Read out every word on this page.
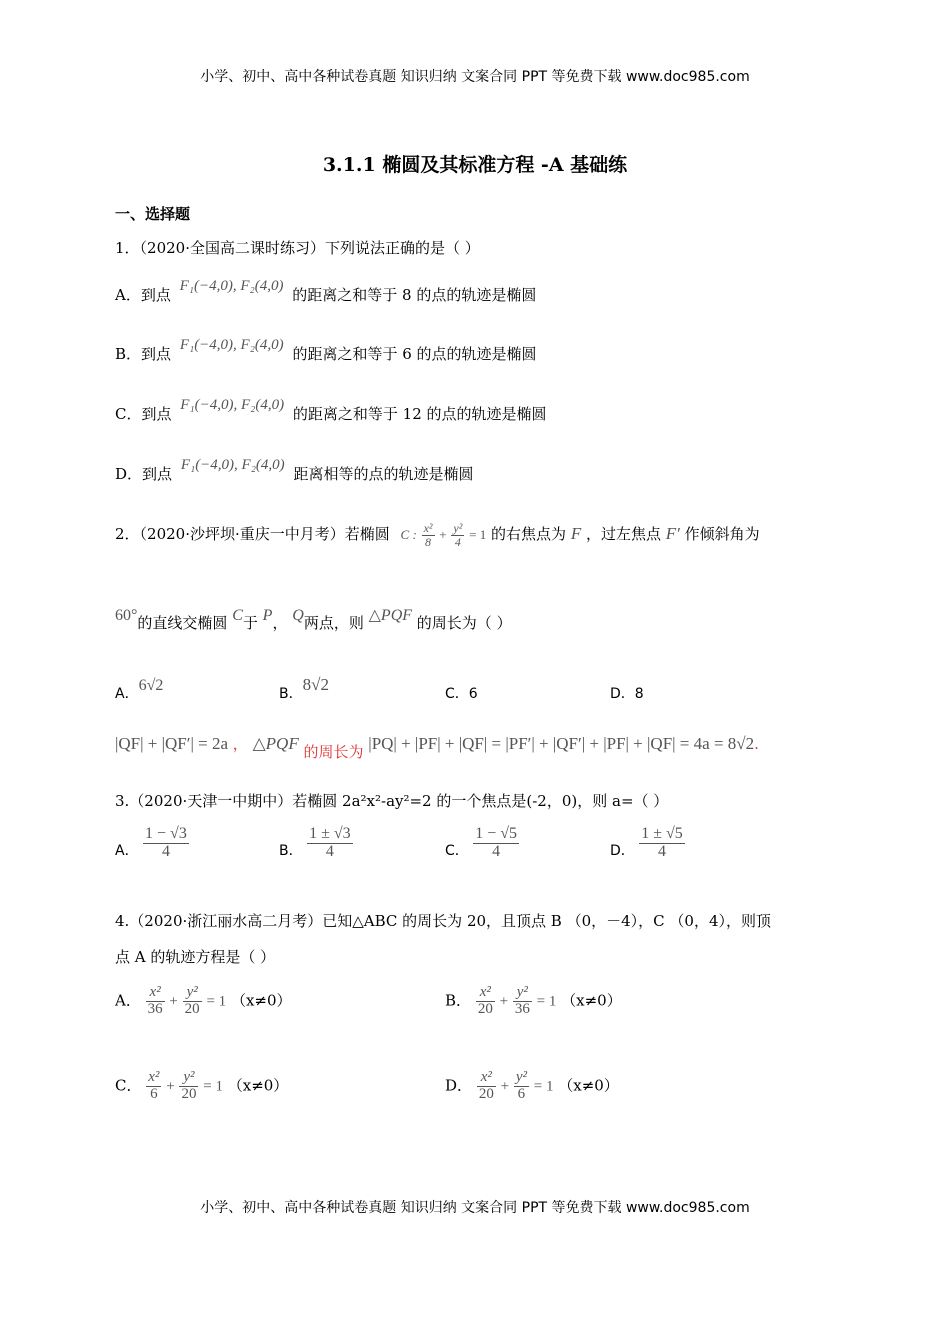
小学、初中、高中各种试卷真题 知识归纳 文案合同 PPT 等免费下载 www.doc985.com
3.1.1 椭圆及其标准方程 -A 基础练
一、选择题
1．（2020·全国高二课时练习）下列说法正确的是（ ）
A．到点 F₁(−4,0), F₂(4,0) 的距离之和等于 8 的点的轨迹是椭圆
B．到点 F₁(−4,0), F₂(4,0) 的距离之和等于 6 的点的轨迹是椭圆
C．到点 F₁(−4,0), F₂(4,0) 的距离之和等于 12 的点的轨迹是椭圆
D．到点 F₁(−4,0), F₂(4,0) 距离相等的点的轨迹是椭圆
2．（2020·沙坪坝·重庆一中月考）若椭圆 C : $\frac{\text{x²}}{8} + \frac{\text{y²}}{4} = 1$ 的右焦点为 F ，过左焦点 F′ 作倾斜角为
60°的直线交椭圆 C于 P， Q两点，则 △PQF 的周长为（ ）
A．6√2	B．8√2	C．6	D．8
|QF| + |QF′| = 2a ， △PQF 的周长为 |PQ| + |PF| + |QF| = |PF′| + |QF′| + |PF| + |QF| = 4a = 8√2.
3.（2020·天津一中期中）若椭圆 2a²x²-ay²=2 的一个焦点是(-2，0)，则 a=（ ）
A． $\frac{1 - √3}{4}$	B． $\frac{1 \pm √3}{4}$	C． $\frac{1 - √5}{4}$	D． $\frac{1 \pm √5}{4}$
4.（2020·浙江丽水高二月考）已知△ABC 的周长为 20，且顶点 B （0，－4），C （0，4），则顶
点 A 的轨迹方程是（ ）
A． $\frac{\text{x²}}{36} + \frac{\text{y²}}{20} = 1$ （x≠0）	B． $\frac{\text{x²}}{20} + \frac{\text{y²}}{36} = 1$ （x≠0）
C． $\frac{\text{x²}}{6} + \frac{\text{y²}}{20} = 1$ （x≠0）	D． $\frac{\text{x²}}{20} + \frac{\text{y²}}{6} = 1$ （x≠0）
小学、初中、高中各种试卷真题 知识归纳 文案合同 PPT 等免费下载 www.doc985.com
